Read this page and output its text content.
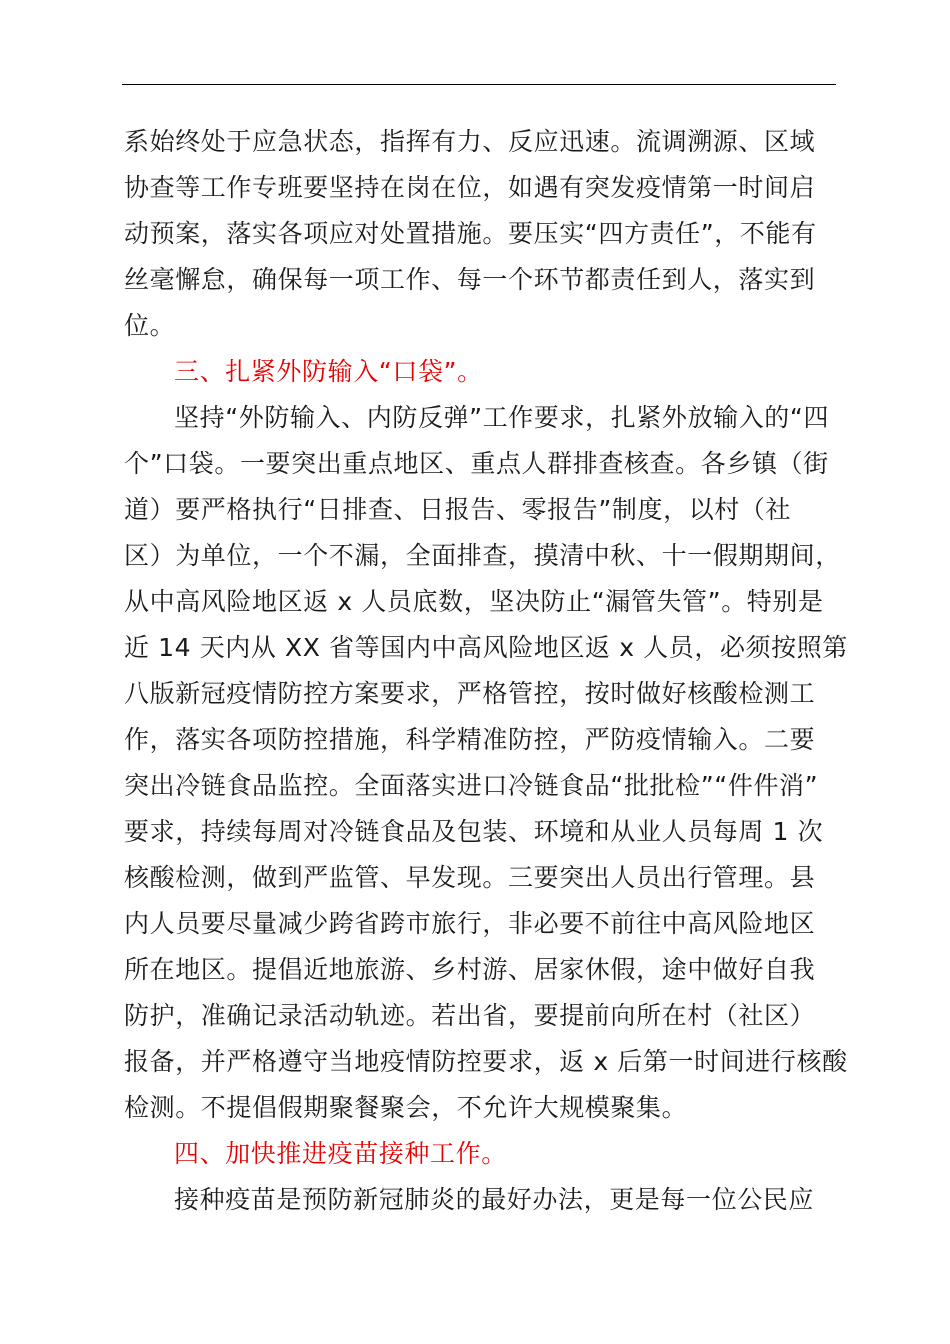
系始终处于应急状态，指挥有力、反应迅速。流调溯源、区域
协查等工作专班要坚持在岗在位，如遇有突发疫情第一时间启
动预案，落实各项应对处置措施。要压实“四方责任”，不能有
丝毫懈怠，确保每一项工作、每一个环节都责任到人，落实到
位。
三、扎紧外防输入“口袋”。
坚持“外防输入、内防反弹”工作要求，扎紧外放输入的“四
个”口袋。一要突出重点地区、重点人群排查核查。各乡镇（街
道）要严格执行“日排查、日报告、零报告”制度，以村（社
区）为单位，一个不漏，全面排查，摸清中秋、十一假期期间，
从中高风险地区返 x 人员底数，坚决防止“漏管失管”。特别是
近 14 天内从 XX 省等国内中高风险地区返 x 人员，必须按照第
八版新冠疫情防控方案要求，严格管控，按时做好核酸检测工
作，落实各项防控措施，科学精准防控，严防疫情输入。二要
突出冷链食品监控。全面落实进口冷链食品“批批检”“件件消”
要求，持续每周对冷链食品及包装、环境和从业人员每周 1 次
核酸检测，做到严监管、早发现。三要突出人员出行管理。县
内人员要尽量减少跨省跨市旅行，非必要不前往中高风险地区
所在地区。提倡近地旅游、乡村游、居家休假，途中做好自我
防护，准确记录活动轨迹。若出省，要提前向所在村（社区）
报备，并严格遵守当地疫情防控要求，返 x 后第一时间进行核酸
检测。不提倡假期聚餐聚会，不允许大规模聚集。
四、加快推进疫苗接种工作。
接种疫苗是预防新冠肺炎的最好办法，更是每一位公民应
